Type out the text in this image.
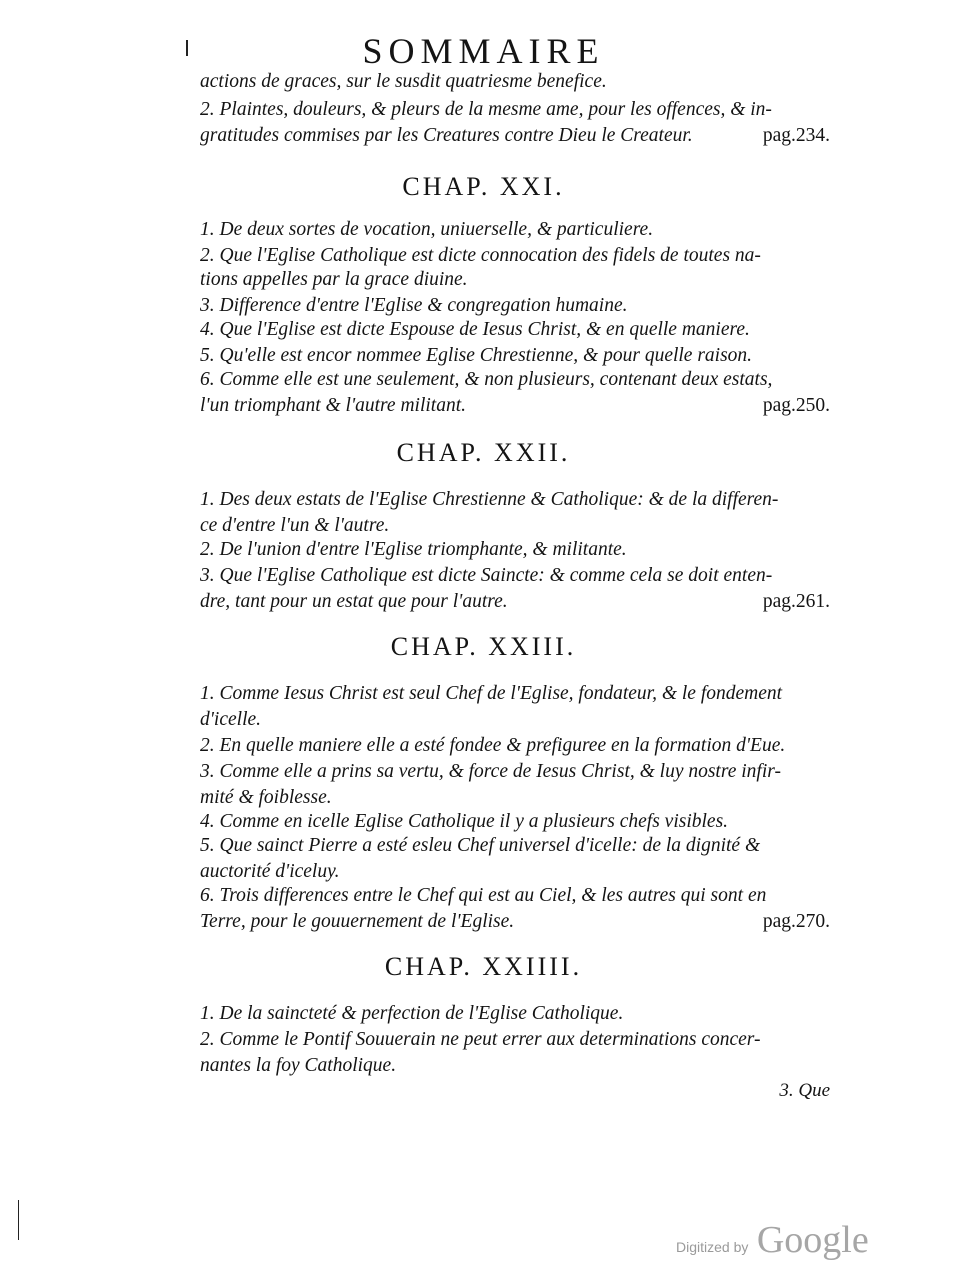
SOMMAIRE
actions de graces, sur le susdit quatriesme benefice.
2. Plaintes, douleurs, & pleurs de la mesme ame, pour les offences, & in-
gratitudes commises par les Creatures contre Dieu le Createur.	pag.234.
CHAP. XXI.
1. De deux sortes de vocation, uniuerselle, & particuliere.
2. Que l'Eglise Catholique est dicte connocation des fidels de toutes na-
tions appelles par la grace diuine.
3. Difference d'entre l'Eglise & congregation humaine.
4. Que l'Eglise est dicte Espouse de Iesus Christ, & en quelle maniere.
5. Qu'elle est encor nommee Eglise Chrestienne, & pour quelle raison.
6. Comme elle est une seulement, & non plusieurs, contenant deux estats,
l'un triomphant & l'autre militant.	pag.250.
CHAP. XXII.
1. Des deux estats de l'Eglise Chrestienne & Catholique: & de la differen-
ce d'entre l'un & l'autre.
2. De l'union d'entre l'Eglise triomphante, & militante.
3. Que l'Eglise Catholique est dicte Saincte: & comme cela se doit enten-
dre, tant pour un estat que pour l'autre.	pag.261.
CHAP. XXIII.
1. Comme Iesus Christ est seul Chef de l'Eglise, fondateur, & le fondement
d'icelle.
2. En quelle maniere elle a esté fondee & prefiguree en la formation d'Eue.
3. Comme elle a prins sa vertu, & force de Iesus Christ, & luy nostre infir-
mité & foiblesse.
4. Comme en icelle Eglise Catholique il y a plusieurs chefs visibles.
5. Que sainct Pierre a esté esleu Chef universel d'icelle: de la dignité &
auctorité d'iceluy.
6. Trois differences entre le Chef qui est au Ciel, & les autres qui sont en
Terre, pour le gouuernement de l'Eglise.	pag.270.
CHAP. XXIIII.
1. De la saincteté & perfection de l'Eglise Catholique.
2. Comme le Pontif Souuerain ne peut errer aux determinations concer-
nantes la foy Catholique.
3. Que
Digitized by Google
